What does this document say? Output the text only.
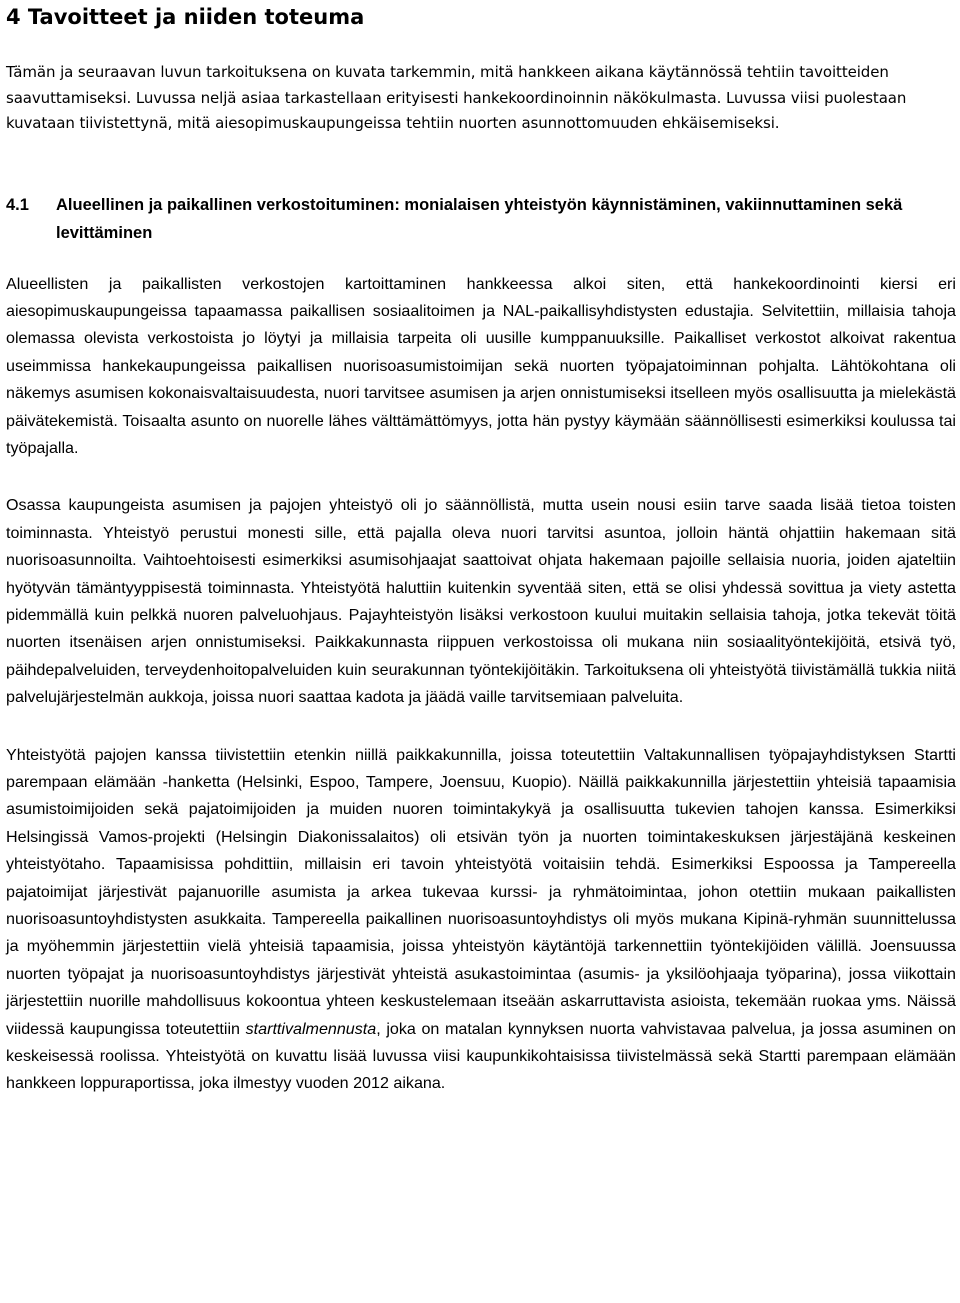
4 Tavoitteet ja niiden toteuma

Tämän ja seuraavan luvun tarkoituksena on kuvata tarkemmin, mitä hankkeen aikana käytännössä tehtiin tavoitteiden saavuttamiseksi. Luvussa neljä asiaa tarkastellaan erityisesti hankekoordinoinnin näkökulmasta. Luvussa viisi puolestaan kuvataan tiivistettynä, mitä aiesopimuskaupungeissa tehtiin nuorten asunnottomuuden ehkäisemiseksi.

4.1	Alueellinen ja paikallinen verkostoituminen: monialaisen yhteistyön käynnistäminen, vakiinnuttaminen sekä levittäminen

Alueellisten ja paikallisten verkostojen kartoittaminen hankkeessa alkoi siten, että hankekoordinointi kiersi eri aiesopimuskaupungeissa tapaamassa paikallisen sosiaalitoimen ja NAL-paikallisyhdistysten edustajia. Selvitettiin, millaisia tahoja olemassa olevista verkostoista jo löytyi ja millaisia tarpeita oli uusille kumppanuuksille. Paikalliset verkostot alkoivat rakentua useimmissa hankekaupungeissa paikallisen nuorisoasumistoimijan sekä nuorten työpajatoiminnan pohjalta. Lähtökohtana oli näkemys asumisen kokonaisvaltaisuudesta, nuori tarvitsee asumisen ja arjen onnistumiseksi itselleen myös osallisuutta ja mielekästä päivätekemistä. Toisaalta asunto on nuorelle lähes välttämättömyys, jotta hän pystyy käymään säännöllisesti esimerkiksi koulussa tai työpajalla.

Osassa kaupungeista asumisen ja pajojen yhteistyö oli jo säännöllistä, mutta usein nousi esiin tarve saada lisää tietoa toisten toiminnasta. Yhteistyö perustui monesti sille, että pajalla oleva nuori tarvitsi asuntoa, jolloin häntä ohjattiin hakemaan sitä nuorisoasunnoilta. Vaihtoehtoisesti esimerkiksi asumisohjaajat saattoivat ohjata hakemaan pajoille sellaisia nuoria, joiden ajateltiin hyötyvän tämäntyyppisestä toiminnasta. Yhteistyötä haluttiin kuitenkin syventää siten, että se olisi yhdessä sovittua ja viety astetta pidemmällä kuin pelkkä nuoren palveluohjaus. Pajayhteistyön lisäksi verkostoon kuului muitakin sellaisia tahoja, jotka tekevät töitä nuorten itsenäisen arjen onnistumiseksi. Paikkakunnasta riippuen verkostoissa oli mukana niin sosiaalityöntekijöitä, etsivä työ, päihdepalveluiden, terveydenhoitopalveluiden kuin seurakunnan työntekijöitäkin. Tarkoituksena oli yhteistyötä tiivistämällä tukkia niitä palvelujärjestelmän aukkoja, joissa nuori saattaa kadota ja jäädä vaille tarvitsemiaan palveluita.

Yhteistyötä pajojen kanssa tiivistettiin etenkin niillä paikkakunnilla, joissa toteutettiin Valtakunnallisen työpajayhdistyksen Startti parempaan elämään -hanketta (Helsinki, Espoo, Tampere, Joensuu, Kuopio). Näillä paikkakunnilla järjestettiin yhteisiä tapaamisia asumistoimijoiden sekä pajatoimijoiden ja muiden nuoren toimintakykyä ja osallisuutta tukevien tahojen kanssa. Esimerkiksi Helsingissä Vamos-projekti (Helsingin Diakonissalaitos) oli etsivän työn ja nuorten toimintakeskuksen järjestäjänä keskeinen yhteistyötaho. Tapaamisissa pohdittiin, millaisin eri tavoin yhteistyötä voitaisiin tehdä. Esimerkiksi Espoossa ja Tampereella pajatoimijat järjestivät pajanuorille asumista ja arkea tukevaa kurssi- ja ryhmätoimintaa, johon otettiin mukaan paikallisten nuorisoasuntoyhdistysten asukkaita. Tampereella paikallinen nuorisoasuntoyhdistys oli myös mukana Kipinä-ryhmän suunnittelussa ja myöhemmin järjestettiin vielä yhteisiä tapaamisia, joissa yhteistyön käytäntöjä tarkennettiin työntekijöiden välillä. Joensuussa nuorten työpajat ja nuorisoasuntoyhdistys järjestivät yhteistä asukastoimintaa (asumis- ja yksilöohjaaja työparina), jossa viikottain järjestettiin nuorille mahdollisuus kokoontua yhteen keskustelemaan itseään askarruttavista asioista, tekemään ruokaa yms. Näissä viidessä kaupungissa toteutettiin starttivalmennusta, joka on matalan kynnyksen nuorta vahvistavaa palvelua, ja jossa asuminen on keskeisessä roolissa. Yhteistyötä on kuvattu lisää luvussa viisi kaupunkikohtaisissa tiivistelmässä sekä Startti parempaan elämään hankkeen loppuraportissa, joka ilmestyy vuoden 2012 aikana.
